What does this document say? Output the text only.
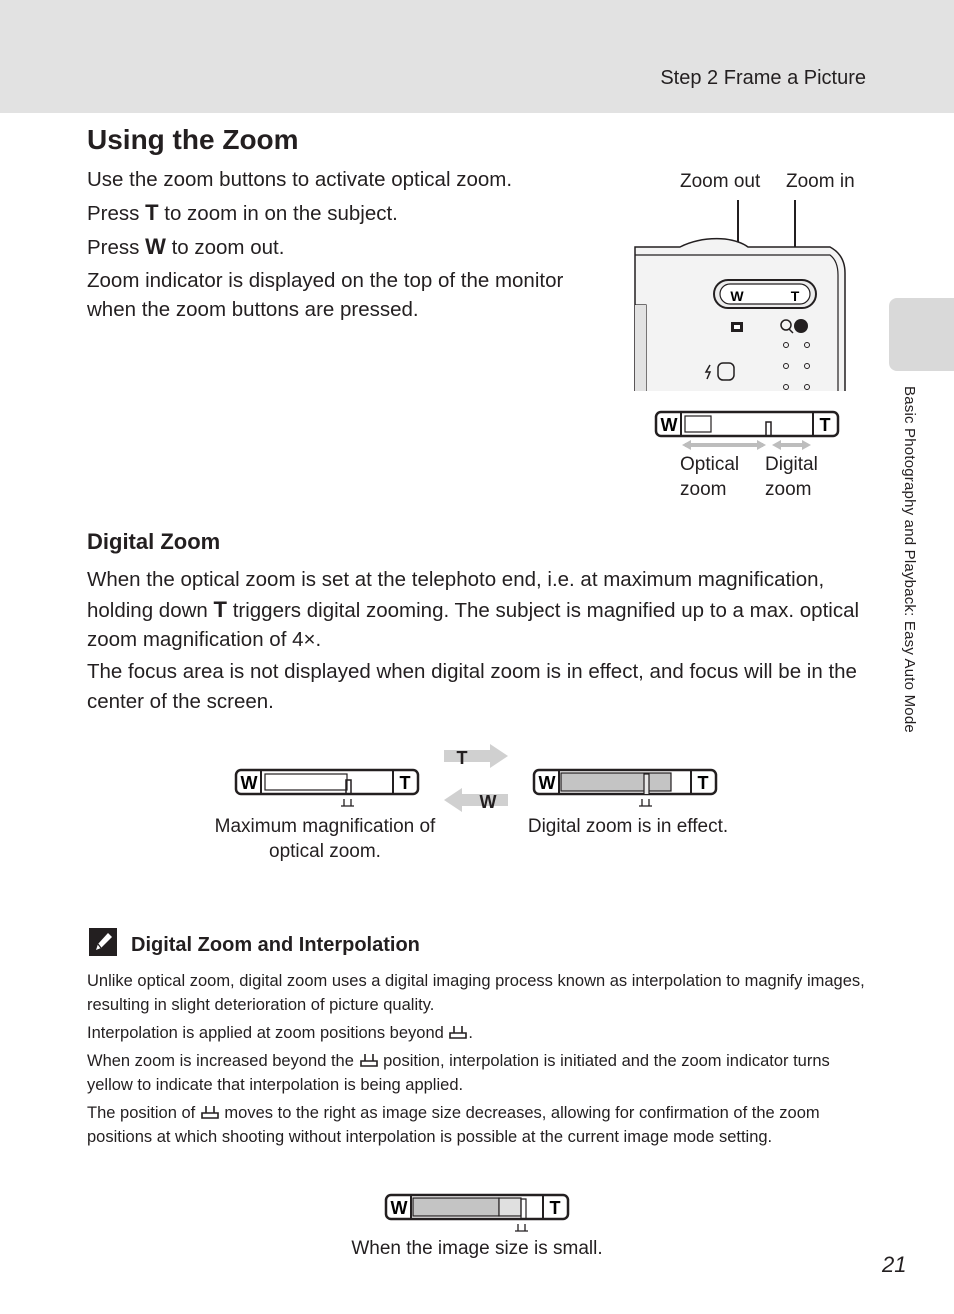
Step 2 Frame a Picture
Basic Photography and Playback: Easy Auto Mode
Using the Zoom
Use the zoom buttons to activate optical zoom.
Press T to zoom in on the subject.
Press W to zoom out.
Zoom indicator is displayed on the top of the monitor when the zoom buttons are pressed.
Zoom out	Zoom in
W	T
W	T
Optical zoom
Digital zoom
Digital Zoom
When the optical zoom is set at the telephoto end, i.e. at maximum magnification, holding down T triggers digital zooming. The subject is magnified up to a max. optical zoom magnification of 4×.
The focus area is not displayed when digital zoom is in effect, and focus will be in the center of the screen.
W	T
T
W
W	T
Maximum magnification of optical zoom.
Digital zoom is in effect.
Digital Zoom and Interpolation
Unlike optical zoom, digital zoom uses a digital imaging process known as interpolation to magnify images, resulting in slight deterioration of picture quality.
Interpolation is applied at zoom positions beyond .
When zoom is increased beyond the position, interpolation is initiated and the zoom indicator turns yellow to indicate that interpolation is being applied.
The position of moves to the right as image size decreases, allowing for confirmation of the zoom positions at which shooting without interpolation is possible at the current image mode setting.
W	T
When the image size is small.
21
